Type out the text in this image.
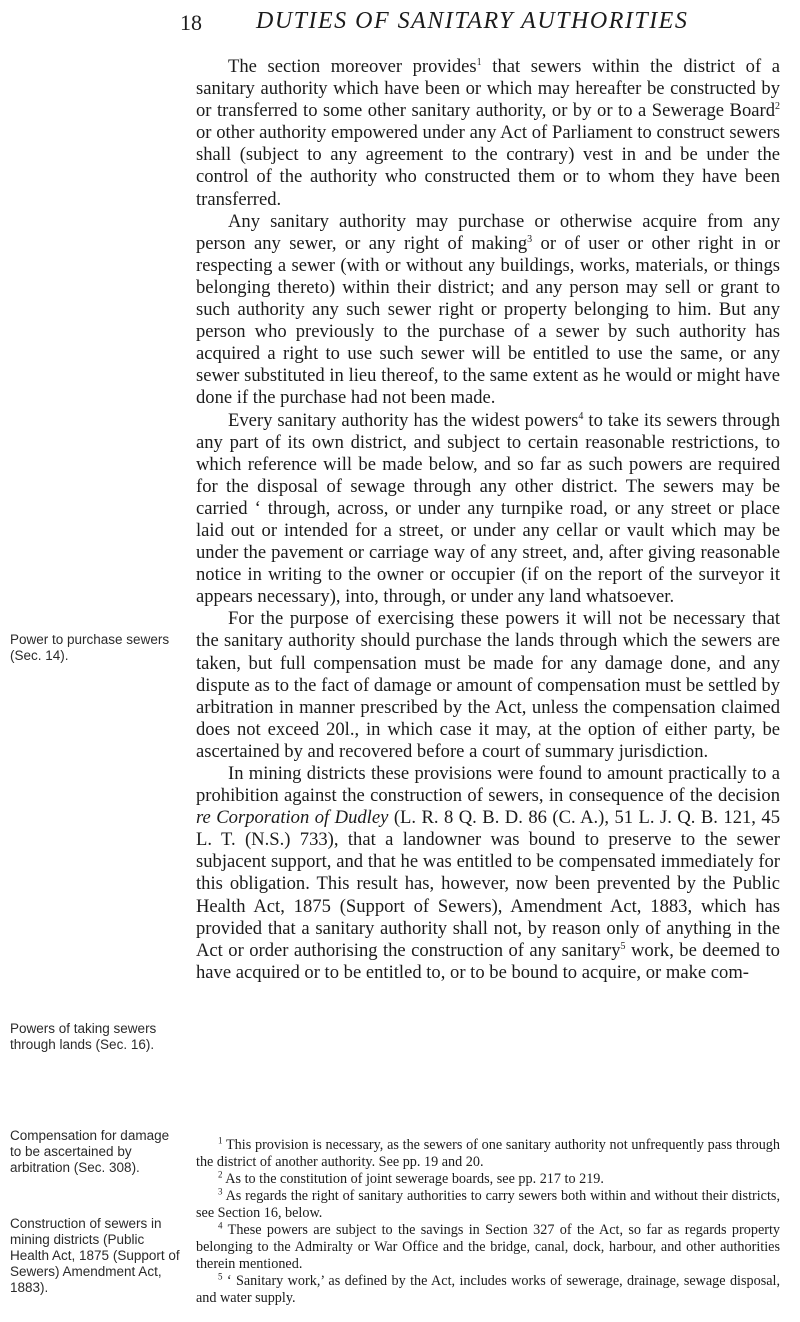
18 DUTIES OF SANITARY AUTHORITIES
Power to purchase sewers (Sec. 14).
Powers of taking sewers through lands (Sec. 16).
Compensation for damage to be ascertained by arbitration (Sec. 308).
Construction of sewers in mining districts (Public Health Act, 1875 (Support of Sewers) Amendment Act, 1883).

The section moreover provides$^1$ that sewers within the district of a sanitary authority which have been or which may hereafter be constructed by or transferred to some other sanitary authority, or by or to a Sewerage Board$^2$ or other authority empowered under any Act of Parliament to construct sewers shall (subject to any agreement to the contrary) vest in and be under the control of the authority who constructed them or to whom they have been transferred.

Any sanitary authority may purchase or otherwise acquire from any person any sewer, or any right of making$^3$ or of user or other right in or respecting a sewer (with or without any buildings, works, materials, or things belonging thereto) within their district; and any person may sell or grant to such authority any such sewer right or property belonging to him. But any person who previously to the purchase of a sewer by such authority has acquired a right to use such sewer will be entitled to use the same, or any sewer substituted in lieu thereof, to the same extent as he would or might have done if the purchase had not been made.

Every sanitary authority has the widest powers$^4$ to take its sewers through any part of its own district, and subject to certain reasonable restrictions, to which reference will be made below, and so far as such powers are required for the disposal of sewage through any other district. The sewers may be carried ‘ through, across, or under any turnpike road, or any street or place laid out or intended for a street, or under any cellar or vault which may be under the pavement or carriage way of any street, and, after giving reasonable notice in writing to the owner or occupier (if on the report of the surveyor it appears necessary), into, through, or under any land whatsoever.

For the purpose of exercising these powers it will not be necessary that the sanitary authority should purchase the lands through which the sewers are taken, but full compensation must be made for any damage done, and any dispute as to the fact of damage or amount of compensation must be settled by arbitration in manner prescribed by the Act, unless the compensation claimed does not exceed 20l., in which case it may, at the option of either party, be ascertained by and recovered before a court of summary jurisdiction.

In mining districts these provisions were found to amount practically to a prohibition against the construction of sewers, in consequence of the decision re Corporation of Dudley (L. R. 8 Q. B. D. 86 (C. A.), 51 L. J. Q. B. 121, 45 L. T. (N.S.) 733), that a landowner was bound to preserve to the sewer subjacent support, and that he was entitled to be compensated immediately for this obligation. This result has, however, now been prevented by the Public Health Act, 1875 (Support of Sewers), Amendment Act, 1883, which has provided that a sanitary authority shall not, by reason only of anything in the Act or order authorising the construction of any sanitary$^5$ work, be deemed to have acquired or to be entitled to, or to be bound to acquire, or make com-

$^1$ This provision is necessary, as the sewers of one sanitary authority not unfrequently pass through the district of another authority. See pp. 19 and 20.

$^2$ As to the constitution of joint sewerage boards, see pp. 217 to 219.

$^3$ As regards the right of sanitary authorities to carry sewers both within and without their districts, see Section 16, below.

$^4$ These powers are subject to the savings in Section 327 of the Act, so far as regards property belonging to the Admiralty or War Office and the bridge, canal, dock, harbour, and other authorities therein mentioned.

$^5$ ‘ Sanitary work,’ as defined by the Act, includes works of sewerage, drainage, sewage disposal, and water supply.
